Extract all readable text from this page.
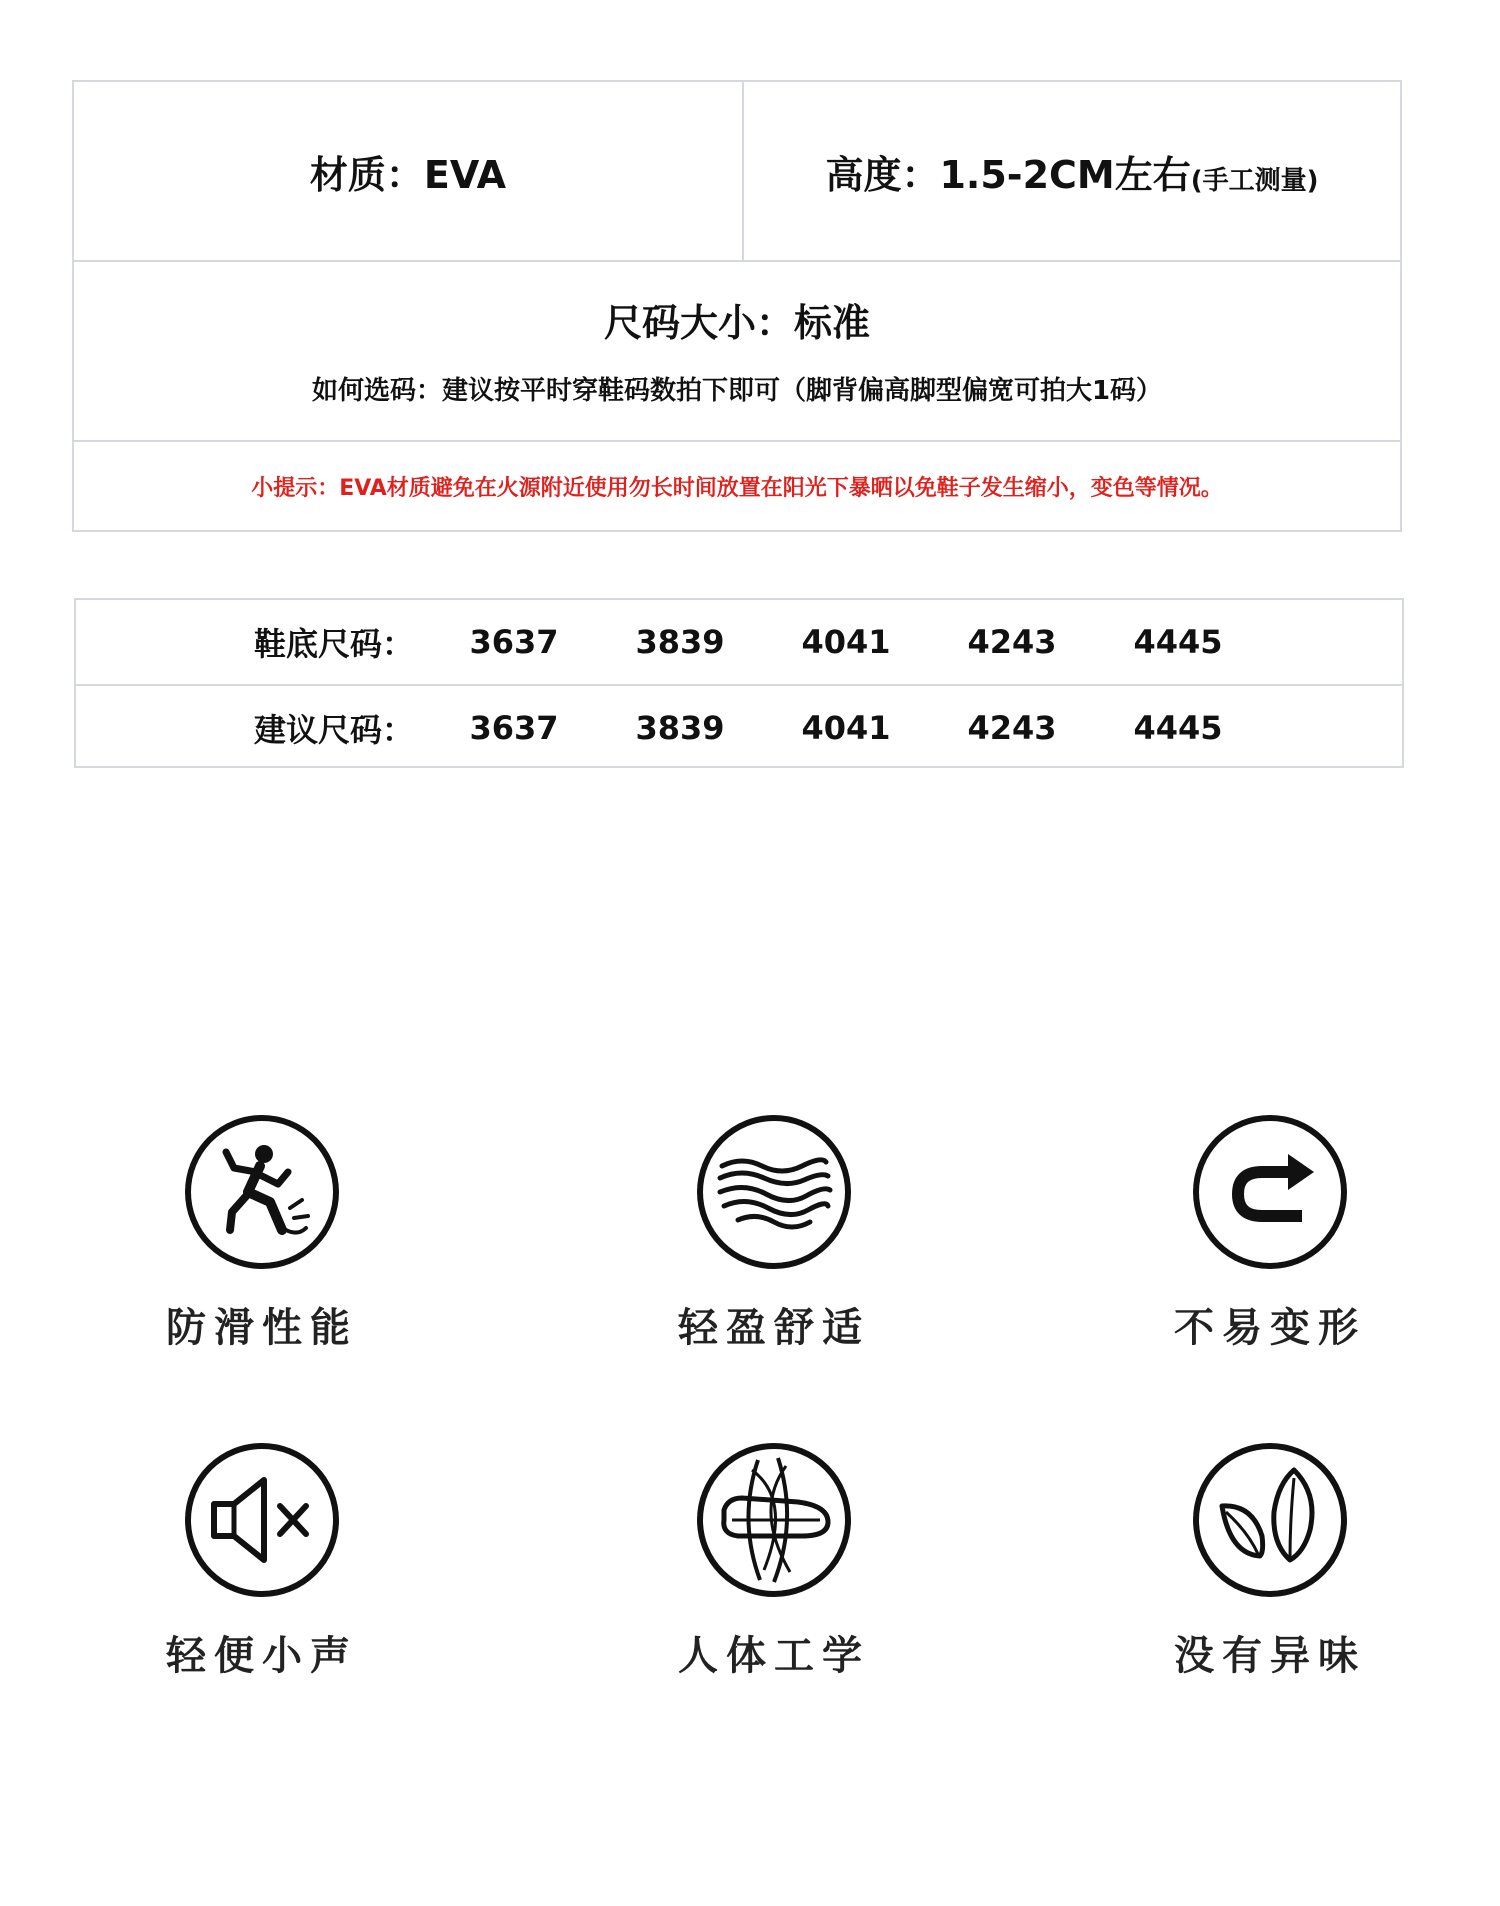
材质：EVA	高度：1.5-2CM左右 (手工测量)
尺码大小：标准
如何选码：建议按平时穿鞋码数拍下即可（脚背偏高脚型偏宽可拍大1码）
小提示：EVA材质避免在火源附近使用勿长时间放置在阳光下暴晒以免鞋子发生缩小，变色等情况。
鞋底尺码：	3637	3839	4041	4243	4445
建议尺码：	3637	3839	4041	4243	4445
防滑性能	轻盈舒适	不易变形
轻便小声	人体工学	没有异味
